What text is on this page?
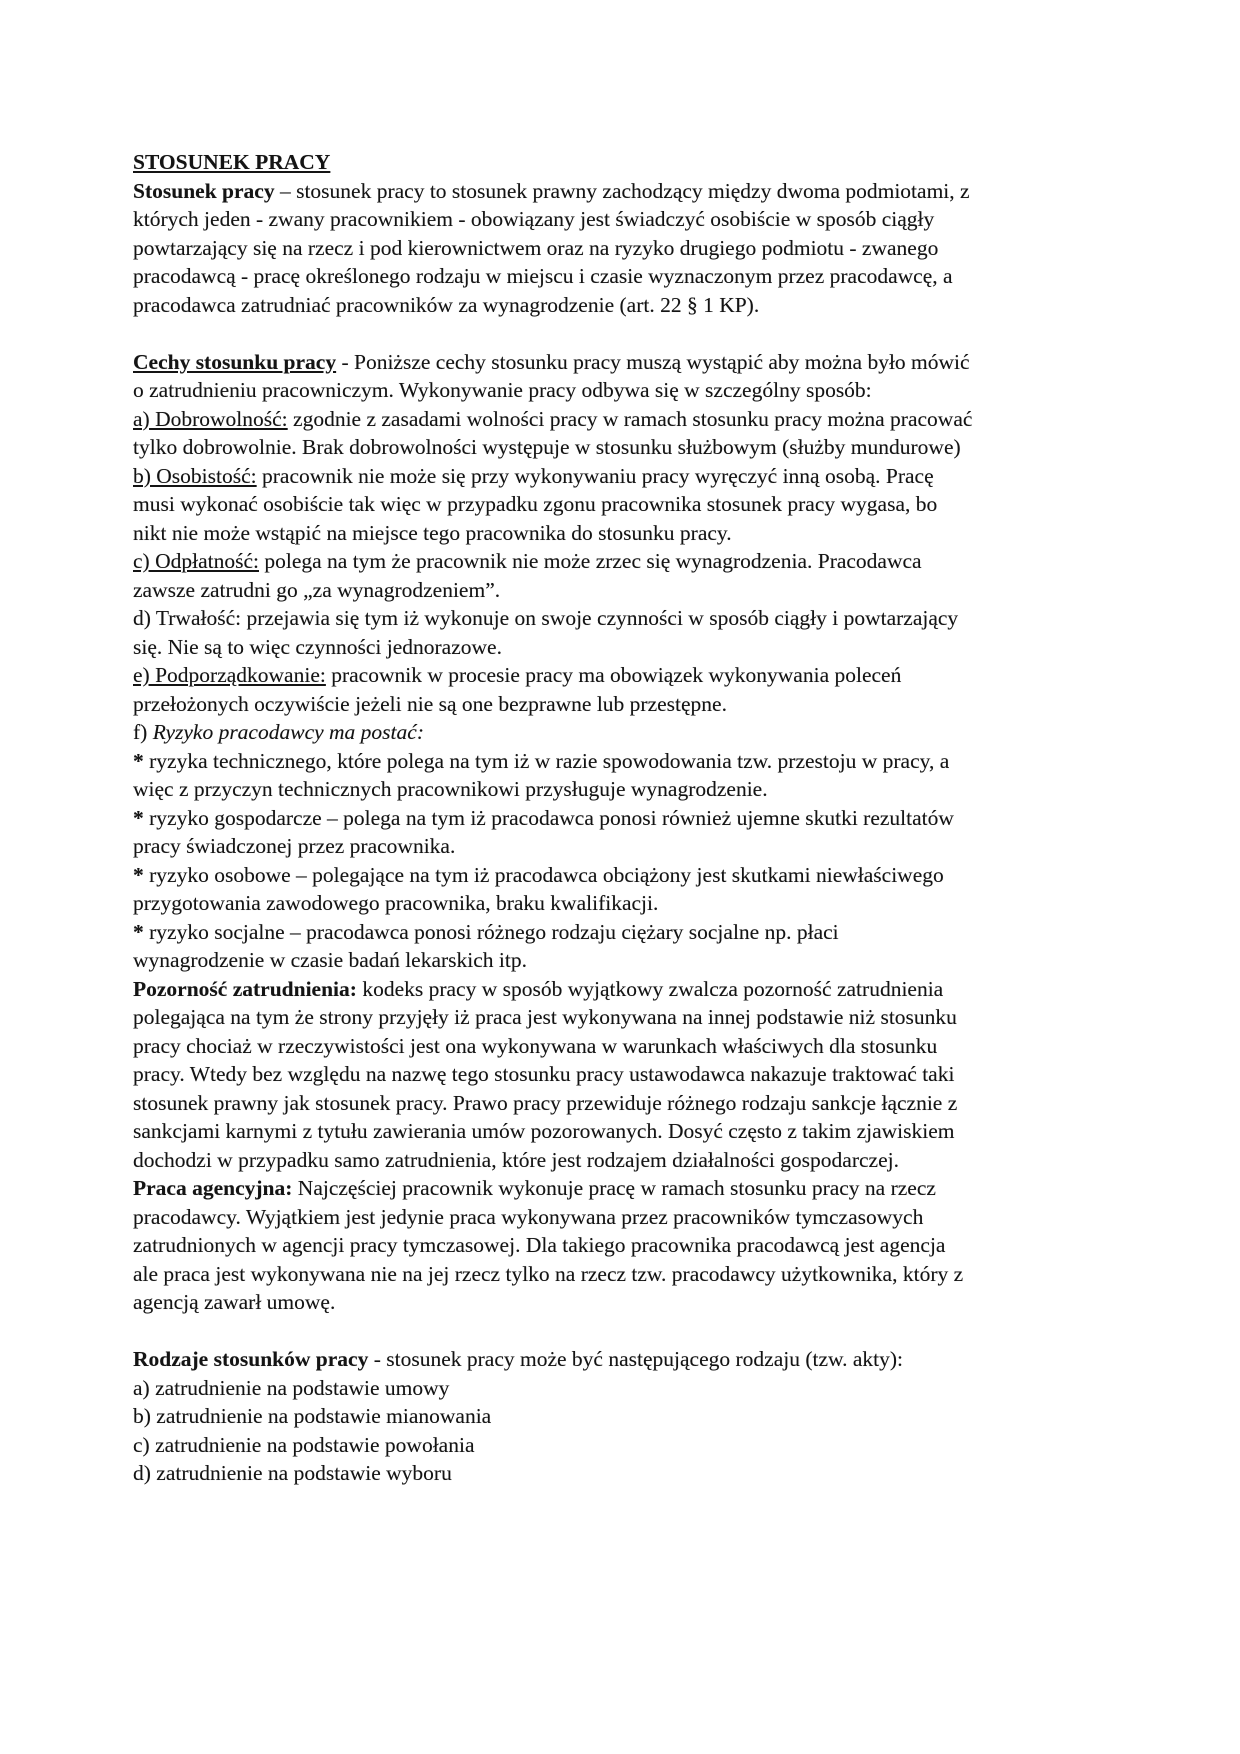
STOSUNEK PRACY

Stosunek pracy – stosunek pracy to stosunek prawny zachodzący między dwoma podmiotami, z których jeden - zwany pracownikiem - obowiązany jest świadczyć osobiście w sposób ciągły powtarzający się na rzecz i pod kierownictwem oraz na ryzyko drugiego podmiotu - zwanego pracodawcą - pracę określonego rodzaju w miejscu i czasie wyznaczonym przez pracodawcę, a pracodawca zatrudniać pracowników za wynagrodzenie (art. 22 § 1 KP).

Cechy stosunku pracy - Poniższe cechy stosunku pracy muszą wystąpić aby można było mówić o zatrudnieniu pracowniczym. Wykonywanie pracy odbywa się w szczególny sposób:

a) Dobrowolność: zgodnie z zasadami wolności pracy w ramach stosunku pracy można pracować tylko dobrowolnie. Brak dobrowolności występuje w stosunku służbowym (służby mundurowe)

b) Osobistość: pracownik nie może się przy wykonywaniu pracy wyręczyć inną osobą. Pracę musi wykonać osobiście tak więc w przypadku zgonu pracownika stosunek pracy wygasa, bo nikt nie może wstąpić na miejsce tego pracownika do stosunku pracy.

c) Odpłatność: polega na tym że pracownik nie może zrzec się wynagrodzenia. Pracodawca zawsze zatrudni go „za wynagrodzeniem”.

d) Trwałość: przejawia się tym iż wykonuje on swoje czynności w sposób ciągły i powtarzający się. Nie są to więc czynności jednorazowe.

e) Podporządkowanie: pracownik w procesie pracy ma obowiązek wykonywania poleceń przełożonych oczywiście jeżeli nie są one bezprawne lub przestępne.

f) Ryzyko pracodawcy ma postać:

* ryzyka technicznego, które polega na tym iż w razie spowodowania tzw. przestoju w pracy, a więc z przyczyn technicznych pracownikowi przysługuje wynagrodzenie.

* ryzyko gospodarcze – polega na tym iż pracodawca ponosi również ujemne skutki rezultatów pracy świadczonej przez pracownika.

* ryzyko osobowe – polegające na tym iż pracodawca obciążony jest skutkami niewłaściwego przygotowania zawodowego pracownika, braku kwalifikacji.

* ryzyko socjalne – pracodawca ponosi różnego rodzaju ciężary socjalne np. płaci wynagrodzenie w czasie badań lekarskich itp.

Pozorność zatrudnienia: kodeks pracy w sposób wyjątkowy zwalcza pozorność zatrudnienia polegająca na tym że strony przyjęły iż praca jest wykonywana na innej podstawie niż stosunku pracy chociaż w rzeczywistości jest ona wykonywana w warunkach właściwych dla stosunku pracy. Wtedy bez względu na nazwę tego stosunku pracy ustawodawca nakazuje traktować taki stosunek prawny jak stosunek pracy. Prawo pracy przewiduje różnego rodzaju sankcje łącznie z sankcjami karnymi z tytułu zawierania umów pozorowanych. Dosyć często z takim zjawiskiem dochodzi w przypadku samo zatrudnienia, które jest rodzajem działalności gospodarczej.

Praca agencyjna: Najczęściej pracownik wykonuje pracę w ramach stosunku pracy na rzecz pracodawcy. Wyjątkiem jest jedynie praca wykonywana przez pracowników tymczasowych zatrudnionych w agencji pracy tymczasowej. Dla takiego pracownika pracodawcą jest agencja ale praca jest wykonywana nie na jej rzecz tylko na rzecz tzw. pracodawcy użytkownika, który z agencją zawarł umowę.

Rodzaje stosunków pracy - stosunek pracy może być następującego rodzaju (tzw. akty):

a) zatrudnienie na podstawie umowy

b) zatrudnienie na podstawie mianowania

c) zatrudnienie na podstawie powołania

d) zatrudnienie na podstawie wyboru
